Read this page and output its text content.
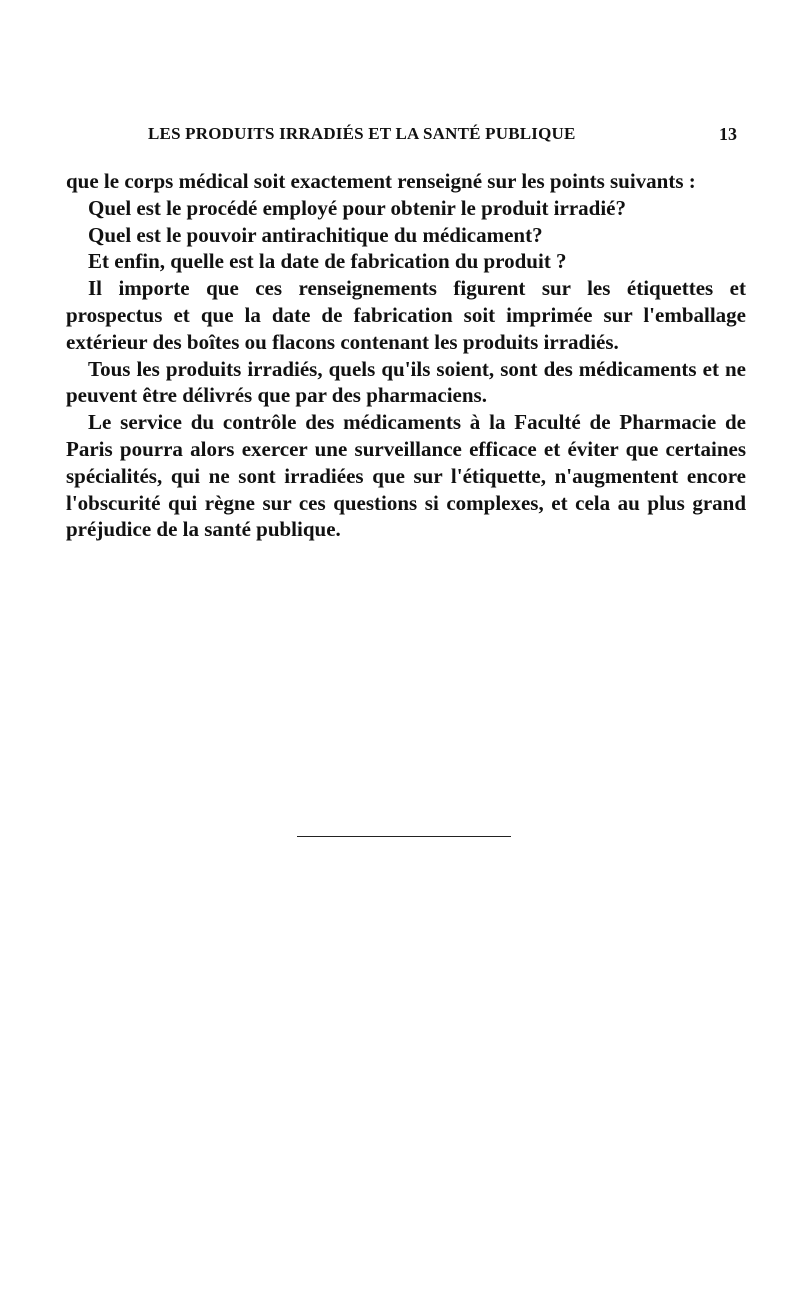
LES PRODUITS IRRADIÉS ET LA SANTÉ PUBLIQUE	13

que le corps médical soit exactement renseigné sur les points suivants :

Quel est le procédé employé pour obtenir le produit irradié?

Quel est le pouvoir antirachitique du médicament?

Et enfin, quelle est la date de fabrication du produit ?

Il importe que ces renseignements figurent sur les étiquettes et prospectus et que la date de fabrication soit imprimée sur l'emballage extérieur des boîtes ou flacons contenant les produits irradiés.

Tous les produits irradiés, quels qu'ils soient, sont des médicaments et ne peuvent être délivrés que par des pharmaciens.

Le service du contrôle des médicaments à la Faculté de Pharmacie de Paris pourra alors exercer une surveillance efficace et éviter que certaines spécialités, qui ne sont irradiées que sur l'étiquette, n'augmentent encore l'obscurité qui règne sur ces questions si complexes, et cela au plus grand préjudice de la santé publique.
